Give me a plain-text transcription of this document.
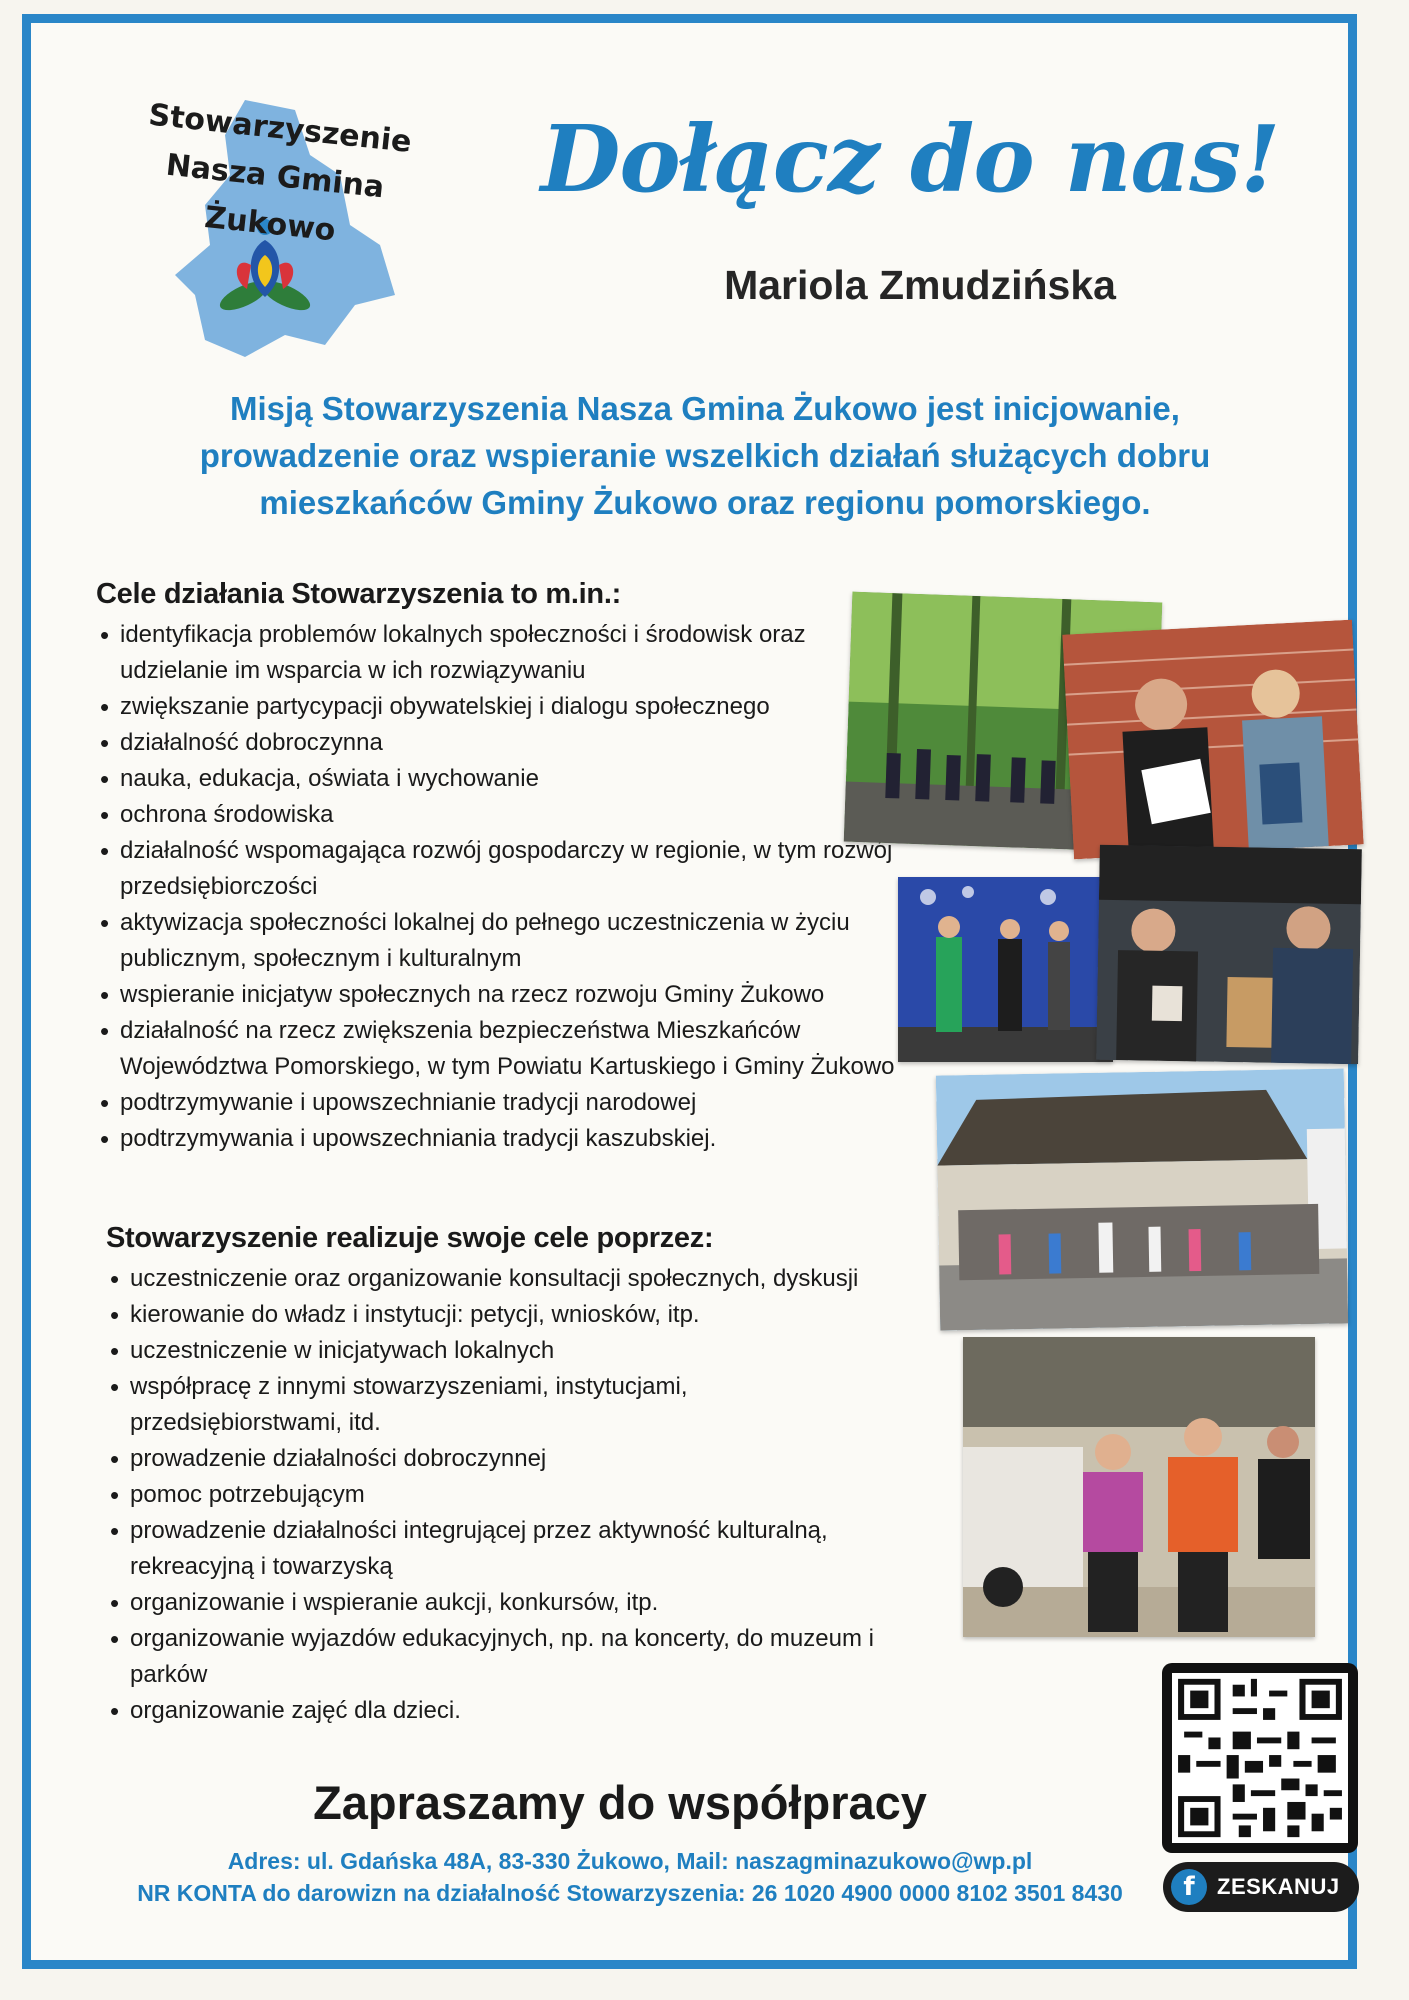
Stowarzyszenie
Nasza Gmina
Żukowo
Dołącz do nas!
Mariola Zmudzińska
Misją Stowarzyszenia Nasza Gmina Żukowo jest inicjowanie,
prowadzenie oraz wspieranie wszelkich działań służących dobru
mieszkańców Gminy Żukowo oraz regionu pomorskiego.
Cele działania Stowarzyszenia to m.in.:
• identyfikacja problemów lokalnych społeczności i środowisk oraz udzielanie im wsparcia w ich rozwiązywaniu
• zwiększanie partycypacji obywatelskiej i dialogu społecznego
• działalność dobroczynna
• nauka, edukacja, oświata i wychowanie
• ochrona środowiska
• działalność wspomagająca rozwój gospodarczy w regionie, w tym rozwój przedsiębiorczości
• aktywizacja społeczności lokalnej do pełnego uczestniczenia w życiu publicznym, społecznym i kulturalnym
• wspieranie inicjatyw społecznych na rzecz rozwoju Gminy Żukowo
• działalność na rzecz zwiększenia bezpieczeństwa Mieszkańców Województwa Pomorskiego, w tym Powiatu Kartuskiego i Gminy Żukowo
• podtrzymywanie i upowszechnianie tradycji narodowej
• podtrzymywania i upowszechniania tradycji kaszubskiej.
Stowarzyszenie realizuje swoje cele poprzez:
• uczestniczenie oraz organizowanie konsultacji społecznych, dyskusji
• kierowanie do władz i instytucji: petycji, wniosków, itp.
• uczestniczenie w inicjatywach lokalnych
• współpracę z innymi stowarzyszeniami, instytucjami, przedsiębiorstwami, itd.
• prowadzenie działalności dobroczynnej
• pomoc potrzebującym
• prowadzenie działalności integrującej przez aktywność kulturalną, rekreacyjną i towarzyską
• organizowanie i wspieranie aukcji, konkursów, itp.
• organizowanie wyjazdów edukacyjnych, np. na koncerty, do muzeum i parków
• organizowanie zajęć dla dzieci.
Zapraszamy do współpracy
Adres: ul. Gdańska 48A, 83-330 Żukowo, Mail: naszagminazukowo@wp.pl
NR KONTA do darowizn na działalność Stowarzyszenia: 26 1020 4900 0000 8102 3501 8430	f	ZESKANUJ
